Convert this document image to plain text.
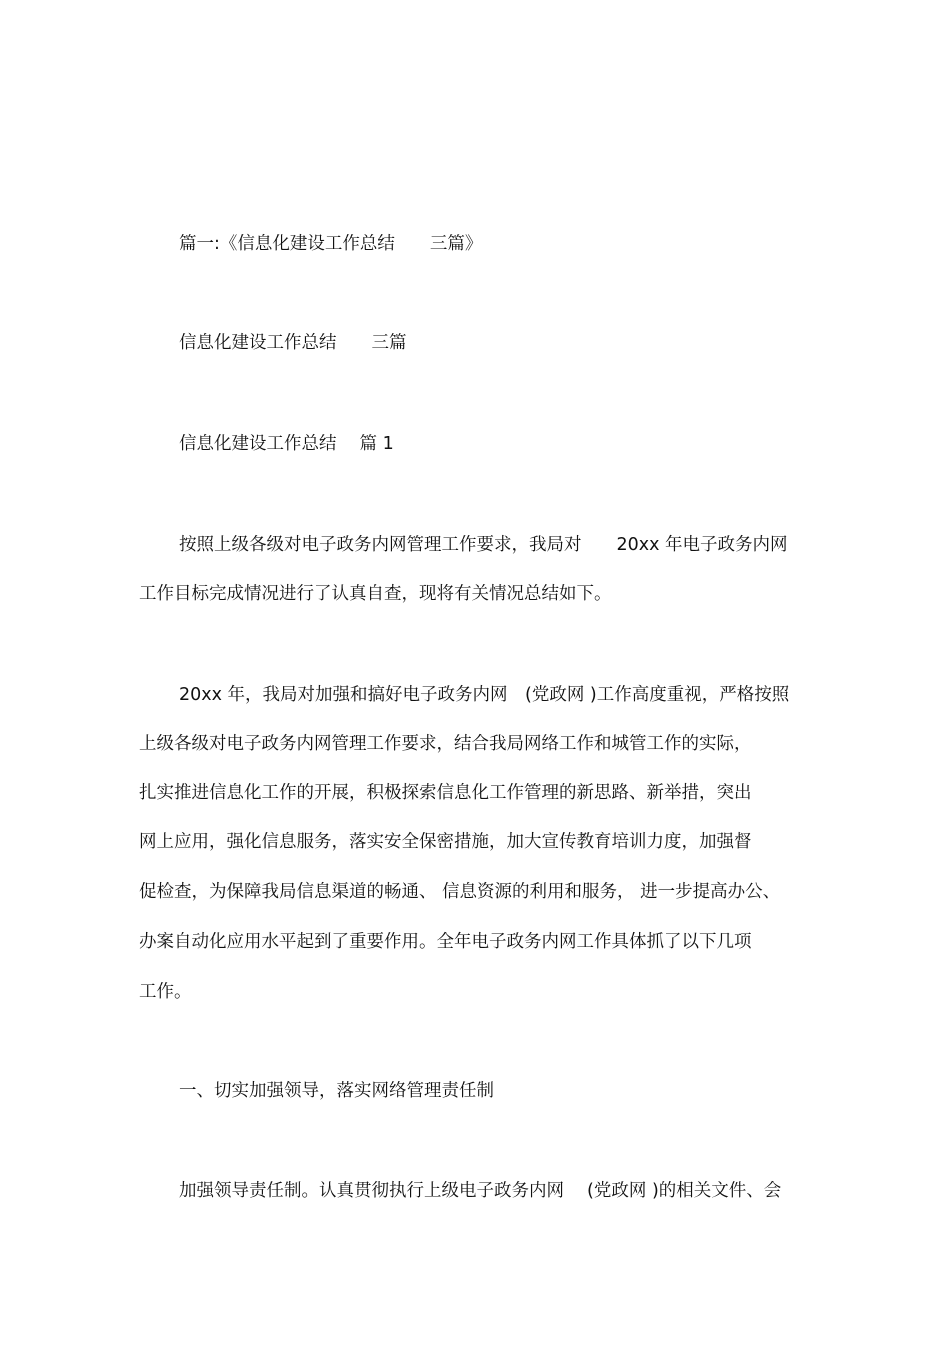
篇一:《信息化建设工作总结　　三篇》
信息化建设工作总结　　三篇
信息化建设工作总结　 篇 1
按照上级各级对电子政务内网管理工作要求，我局对　　20xx 年电子政务内网
工作目标完成情况进行了认真自查，现将有关情况总结如下。
20xx 年，我局对加强和搞好电子政务内网　(党政网 )工作高度重视，严格按照
上级各级对电子政务内网管理工作要求，结合我局网络工作和城管工作的实际，
扎实推进信息化工作的开展，积极探索信息化工作管理的新思路、新举措，突出
网上应用，强化信息服务，落实安全保密措施，加大宣传教育培训力度，加强督
促检查，为保障我局信息渠道的畅通、 信息资源的利用和服务， 进一步提高办公、
办案自动化应用水平起到了重要作用。全年电子政务内网工作具体抓了以下几项
工作。
一、切实加强领导，落实网络管理责任制
加强领导责任制。认真贯彻执行上级电子政务内网　 (党政网 )的相关文件、会
